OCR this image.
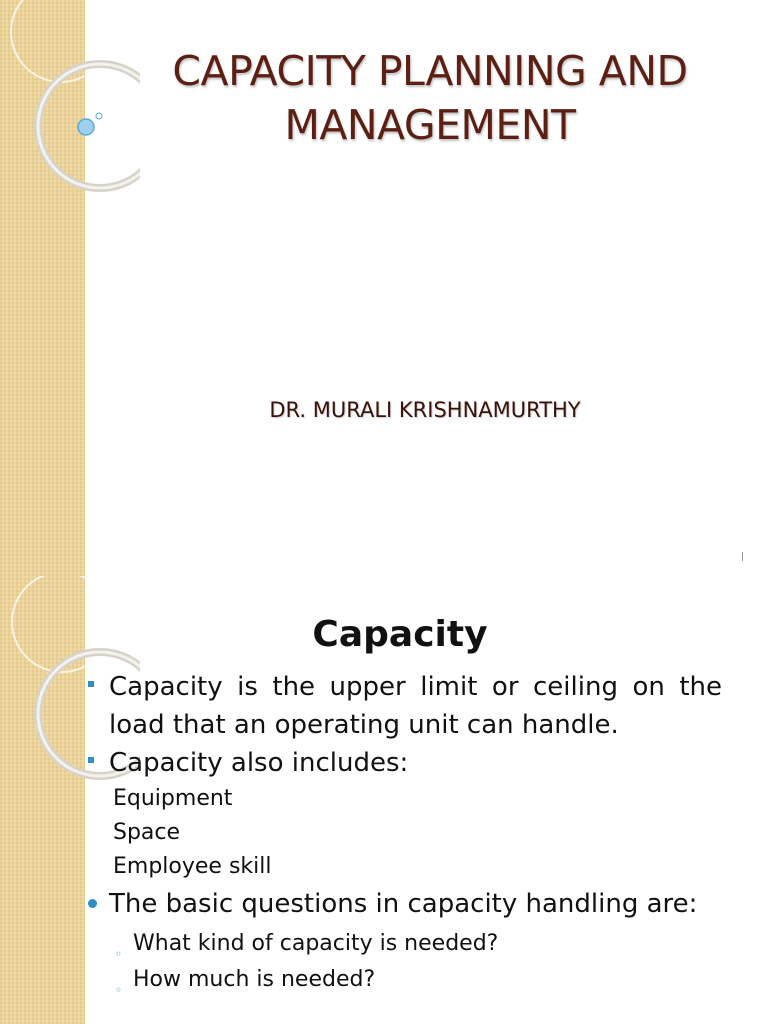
CAPACITY PLANNING AND MANAGEMENT
DR. MURALI KRISHNAMURTHY
Capacity
Capacity is the upper limit or ceiling on the load that an operating unit can handle.
Capacity also includes:
Equipment
Space
Employee skill
The basic questions in capacity handling are:
◦ What kind of capacity is needed?
◦ How much is needed?
